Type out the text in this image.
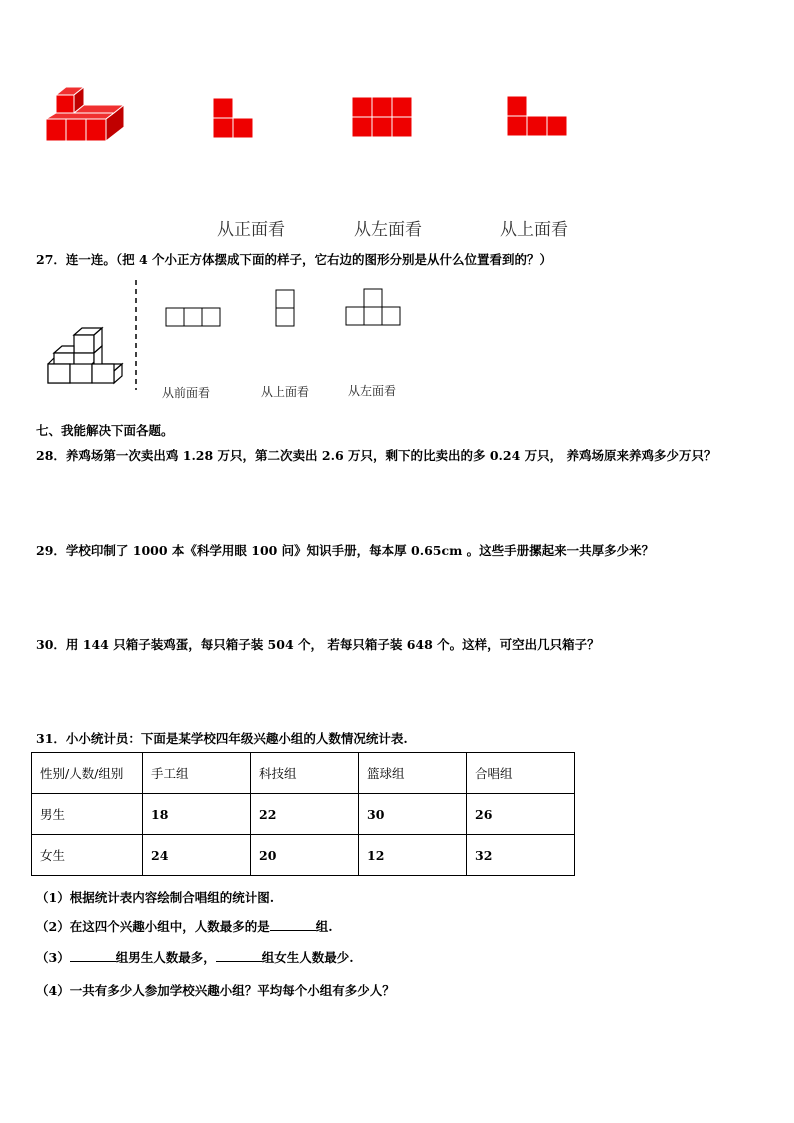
从正面看	从左面看	从上面看
27．连一连。（把 4 个小正方体摆成下面的样子，它右边的图形分别是从什么位置看到的？）
从前面看	从上面看	从左面看
七、我能解决下面各题。
28．养鸡场第一次卖出鸡 1.28 万只，第二次卖出 2.6 万只，剩下的比卖出的多 0.24 万只， 养鸡场原来养鸡多少万只？
29．学校印制了 1000 本《科学用眼 100 问》知识手册，每本厚 0.65cm 。这些手册摞起来一共厚多少米？
30．用 144 只箱子装鸡蛋，每只箱子装 504 个， 若每只箱子装 648 个。这样，可空出几只箱子？
31．小小统计员：下面是某学校四年级兴趣小组的人数情况统计表.
性别/人数/组别	手工组	科技组	篮球组	合唱组
男生	18	22	30	26
女生	24	20	12	32
（1）根据统计表内容绘制合唱组的统计图.
（2）在这四个兴趣小组中，人数最多的是	组.
（3）	组男生人数最多，	组女生人数最少.
（4）一共有多少人参加学校兴趣小组？平均每个小组有多少人？
